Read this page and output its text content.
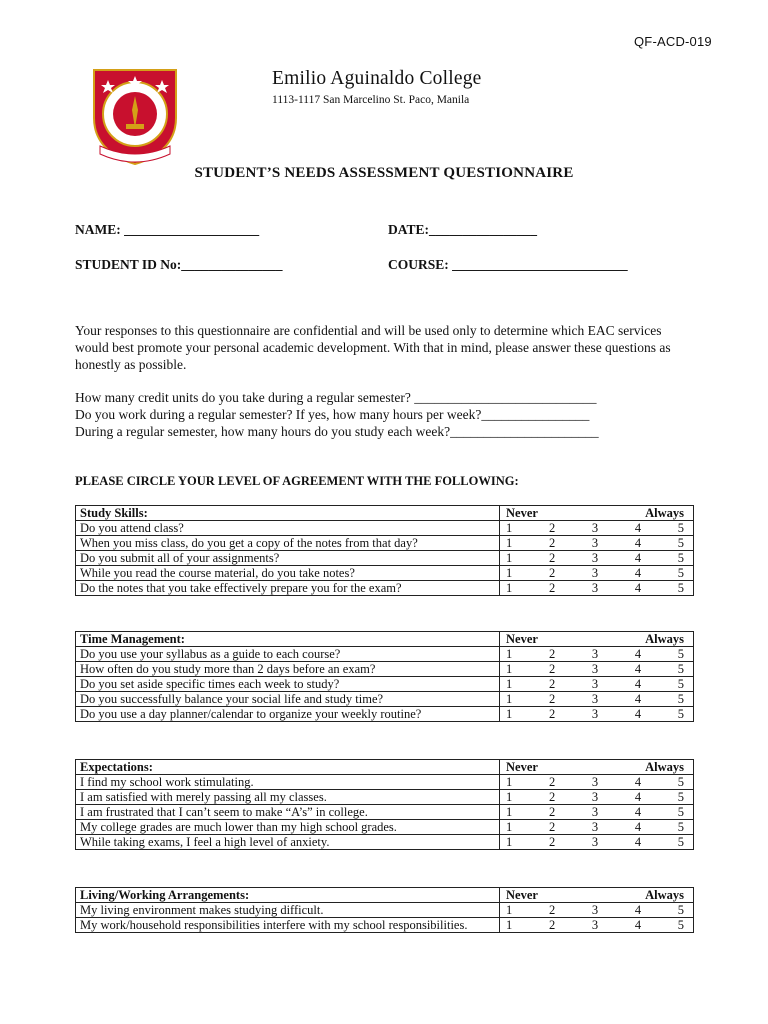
QF-ACD-019
Emilio Aguinaldo College
1113-1117 San Marcelino St. Paco, Manila
STUDENT’S NEEDS ASSESSMENT QUESTIONNAIRE
NAME: ____________________	DATE:________________
STUDENT ID No:_______________	COURSE: __________________________
Your responses to this questionnaire are confidential and will be used only to determine which EAC services would best promote your personal academic development. With that in mind, please answer these questions as honestly as possible.
How many credit units do you take during a regular semester? ___________________________
Do you work during a regular semester? If yes, how many hours per week?________________
During a regular semester, how many hours do you study each week?______________________
PLEASE CIRCLE YOUR LEVEL OF AGREEMENT WITH THE FOLLOWING:
Study Skills:	Never Always

Do you attend class?	1 2 3 4 5

When you miss class, do you get a copy of the notes from that day?	1 2 3 4 5

Do you submit all of your assignments?	1 2 3 4 5

While you read the course material, do you take notes?	1 2 3 4 5

Do the notes that you take effectively prepare you for the exam?	1 2 3 4 5
Time Management:	Never Always

Do you use your syllabus as a guide to each course?	1 2 3 4 5

How often do you study more than 2 days before an exam?	1 2 3 4 5

Do you set aside specific times each week to study?	1 2 3 4 5

Do you successfully balance your social life and study time?	1 2 3 4 5

Do you use a day planner/calendar to organize your weekly routine?	1 2 3 4 5
Expectations:	Never Always

I find my school work stimulating.	1 2 3 4 5

I am satisfied with merely passing all my classes.	1 2 3 4 5

I am frustrated that I can’t seem to make “A’s” in college.	1 2 3 4 5

My college grades are much lower than my high school grades.	1 2 3 4 5

While taking exams, I feel a high level of anxiety.	1 2 3 4 5
Living/Working Arrangements:	Never Always

My living environment makes studying difficult.	1 2 3 4 5

My work/household responsibilities interfere with my school responsibilities.	1 2 3 4 5
